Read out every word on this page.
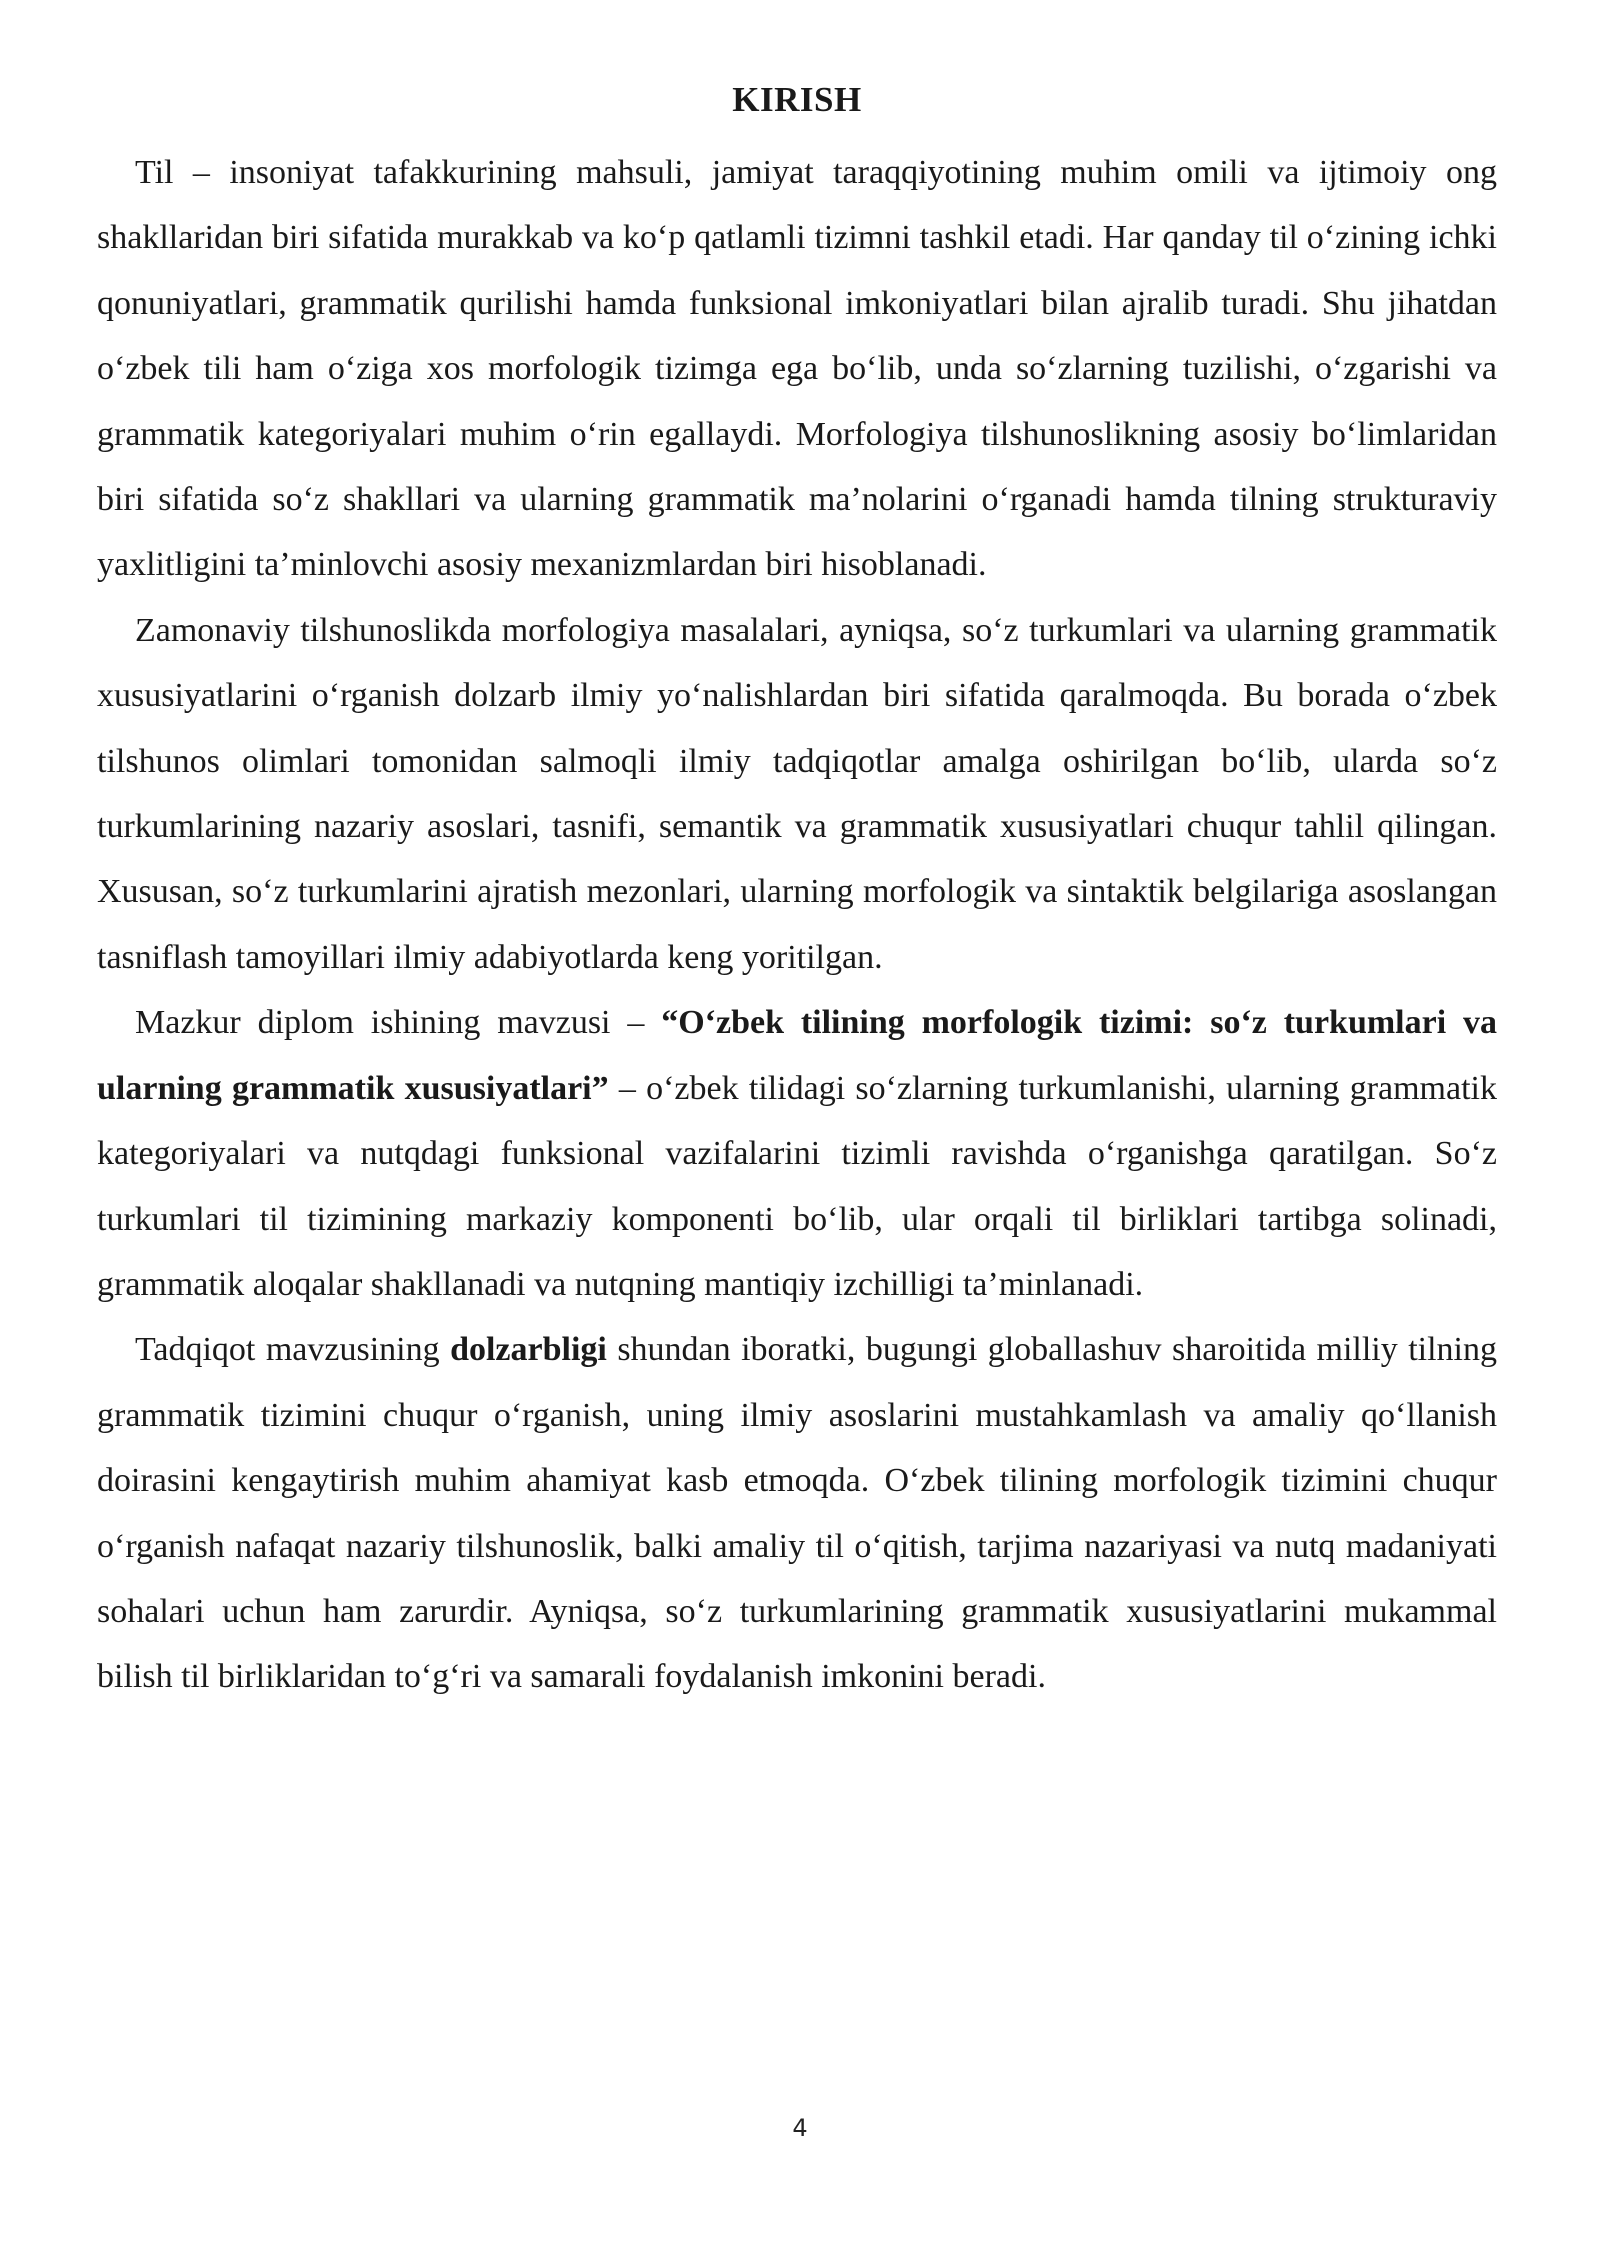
KIRISH

Til – insoniyat tafakkurining mahsuli, jamiyat taraqqiyotining muhim omili va ijtimoiy ong shakllaridan biri sifatida murakkab va ko‘p qatlamli tizimni tashkil etadi. Har qanday til o‘zining ichki qonuniyatlari, grammatik qurilishi hamda funksional imkoniyatlari bilan ajralib turadi. Shu jihatdan o‘zbek tili ham o‘ziga xos morfologik tizimga ega bo‘lib, unda so‘zlarning tuzilishi, o‘zgarishi va grammatik kategoriyalari muhim o‘rin egallaydi. Morfologiya tilshunoslikning asosiy bo‘limlaridan biri sifatida so‘z shakllari va ularning grammatik ma’nolarini o‘rganadi hamda tilning strukturaviy yaxlitligini ta’minlovchi asosiy mexanizmlardan biri hisoblanadi.

Zamonaviy tilshunoslikda morfologiya masalalari, ayniqsa, so‘z turkumlari va ularning grammatik xususiyatlarini o‘rganish dolzarb ilmiy yo‘nalishlardan biri sifatida qaralmoqda. Bu borada o‘zbek tilshunos olimlari tomonidan salmoqli ilmiy tadqiqotlar amalga oshirilgan bo‘lib, ularda so‘z turkumlarining nazariy asoslari, tasnifi, semantik va grammatik xususiyatlari chuqur tahlil qilingan. Xususan, so‘z turkumlarini ajratish mezonlari, ularning morfologik va sintaktik belgilariga asoslangan tasniflash tamoyillari ilmiy adabiyotlarda keng yoritilgan.

Mazkur diplom ishining mavzusi – “O‘zbek tilining morfologik tizimi: so‘z turkumlari va ularning grammatik xususiyatlari” – o‘zbek tilidagi so‘zlarning turkumlanishi, ularning grammatik kategoriyalari va nutqdagi funksional vazifalarini tizimli ravishda o‘rganishga qaratilgan. So‘z turkumlari til tizimining markaziy komponenti bo‘lib, ular orqali til birliklari tartibga solinadi, grammatik aloqalar shakllanadi va nutqning mantiqiy izchilligi ta’minlanadi.

Tadqiqot mavzusining dolzarbligi shundan iboratki, bugungi globallashuv sharoitida milliy tilning grammatik tizimini chuqur o‘rganish, uning ilmiy asoslarini mustahkamlash va amaliy qo‘llanish doirasini kengaytirish muhim ahamiyat kasb etmoqda. O‘zbek tilining morfologik tizimini chuqur o‘rganish nafaqat nazariy tilshunoslik, balki amaliy til o‘qitish, tarjima nazariyasi va nutq madaniyati sohalari uchun ham zarurdir. Ayniqsa, so‘z turkumlarining grammatik xususiyatlarini mukammal bilish til birliklaridan to‘g‘ri va samarali foydalanish imkonini beradi.

4
